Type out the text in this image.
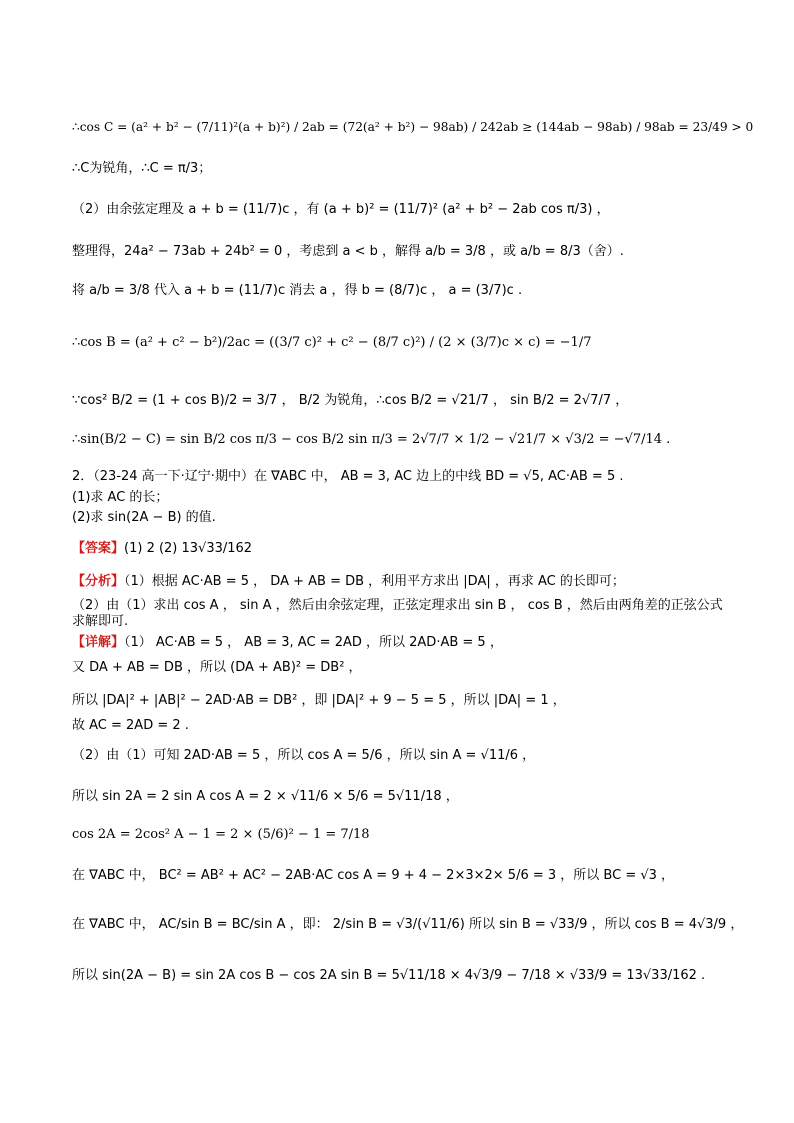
∴cos C = (a² + b² − (7/11)²(a + b)²) / 2ab = (72(a² + b²) − 98ab) / 242ab ≥ (144ab − 98ab) / 98ab = 23/49 > 0
∴C为锐角，∴C = π/3；
（2）由余弦定理及 a + b = (11/7)c ，有 (a + b)² = (11/7)² (a² + b² − 2ab cos π/3) ，
整理得，24a² − 73ab + 24b² = 0 ，考虑到 a < b ，解得 a/b = 3/8 ，或 a/b = 8/3（舍）.
将 a/b = 3/8 代入 a + b = (11/7)c 消去 a ，得 b = (8/7)c ， a = (3/7)c .
∴cos B = (a² + c² − b²)/2ac = ((3/7 c)² + c² − (8/7 c)²) / (2 × (3/7)c × c) = −1/7
∵cos² B/2 = (1 + cos B)/2 = 3/7 ， B/2 为锐角，∴cos B/2 = √21/7 ， sin B/2 = 2√7/7 ，
∴sin(B/2 − C) = sin B/2 cos π/3 − cos B/2 sin π/3 = 2√7/7 × 1/2 − √21/7 × √3/2 = −√7/14 .
2．（23-24 高一下·辽宁·期中）在 ∇ABC 中， AB = 3, AC 边上的中线 BD = √5, AC·AB = 5 .
(1)求 AC 的长；
(2)求 sin(2A − B) 的值.
【答案】(1) 2 (2) 13√33/162
【分析】（1）根据 AC·AB = 5 ， DA + AB = DB ，利用平方求出 |DA| ，再求 AC 的长即可；
（2）由（1）求出 cos A ， sin A ，然后由余弦定理，正弦定理求出 sin B ， cos B ，然后由两角差的正弦公式
求解即可.
【详解】（1） AC·AB = 5 ， AB = 3, AC = 2AD ，所以 2AD·AB = 5 ，
又 DA + AB = DB ，所以 (DA + AB)² = DB² ，
所以 |DA|² + |AB|² − 2AD·AB = DB² ，即 |DA|² + 9 − 5 = 5 ，所以 |DA| = 1 ，
故 AC = 2AD = 2 .
（2）由（1）可知 2AD·AB = 5 ，所以 cos A = 5/6 ，所以 sin A = √11/6 ，
所以 sin 2A = 2 sin A cos A = 2 × √11/6 × 5/6 = 5√11/18 ，
cos 2A = 2cos² A − 1 = 2 × (5/6)² − 1 = 7/18
在 ∇ABC 中， BC² = AB² + AC² − 2AB·AC cos A = 9 + 4 − 2×3×2× 5/6 = 3 ，所以 BC = √3 ，
在 ∇ABC 中， AC/sin B = BC/sin A ，即： 2/sin B = √3/(√11/6) 所以 sin B = √33/9 ，所以 cos B = 4√3/9 ，
所以 sin(2A − B) = sin 2A cos B − cos 2A sin B = 5√11/18 × 4√3/9 − 7/18 × √33/9 = 13√33/162 .
